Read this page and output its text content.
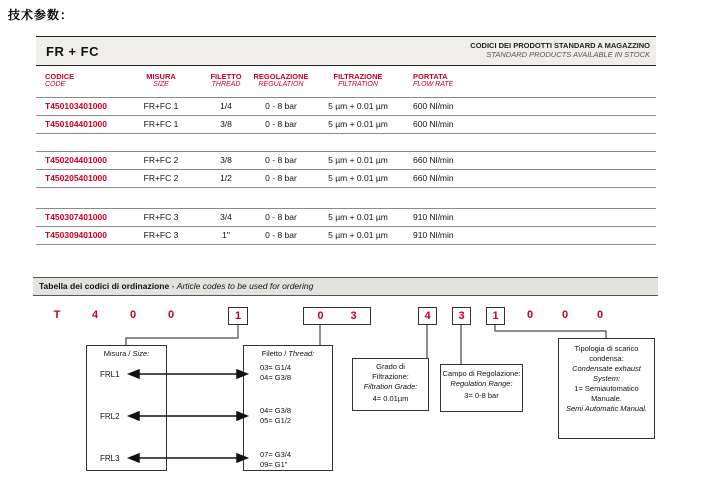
技术参数：
FR + FC	CODICI DEI PRODOTTI STANDARD A MAGAZZINO
STANDARD PRODUCTS AVAILABLE IN STOCK
CODICE
CODE
MISURA
SIZE
FILETTO
THREAD
REGOLAZIONE
REGULATION
FILTRAZIONE
FILTRATION
PORTATA
FLOW RATE
T450103401000	FR+FC 1	1/4	0 - 8 bar	5 µm + 0.01 µm	600 Nl/min
T450104401000	FR+FC 1	3/8	0 - 8 bar	5 µm + 0.01 µm	600 Nl/min
T450204401000	FR+FC 2	3/8	0 - 8 bar	5 µm + 0.01 µm	660 Nl/min
T450205401000	FR+FC 2	1/2	0 - 8 bar	5 µm + 0.01 µm	660 Nl/min
T450307401000	FR+FC 3	3/4	0 - 8 bar	5 µm + 0.01 µm	910 Nl/min
T450309401000	FR+FC 3	1"	0 - 8 bar	5 µm + 0.01 µm	910 Nl/min
Tabella dei codici di ordinazione - Article codes to be used for ordering
T	4	0	0	1	0 3	4	3	1	0	0	0
Misura / Size:
FRL1
FRL2
FRL3
Filetto / Thread:
03= G1/4
04= G3/8
04= G3/8
05= G1/2
07= G3/4
09= G1"
Grado di
Filtrazione:
Filtration Grade:
4= 0.01µm
Campo di Regolazione:
Regulation Range:
3= 0-8 bar
Tipologia di scarico condensa:
Condensate exhaust System:
1= Semiautomatico Manuale.
Semi Automatic Manual.
